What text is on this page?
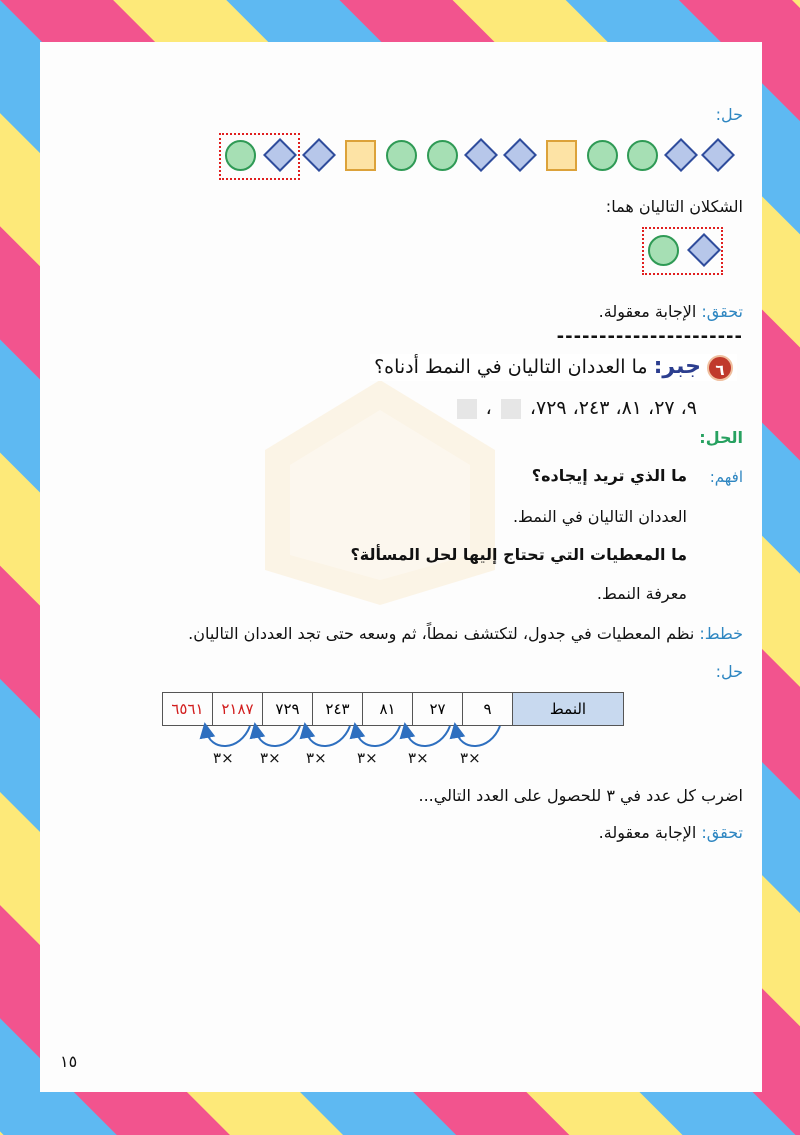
حل:
الشكلان التاليان هما:
تحقق: الإجابة معقولة.
----------------------
٦ جبر: ما العددان التاليان في النمط أدناه؟
٩، ٢٧، ٨١، ٢٤٣، ٧٢٩،  ،
الحل:
افهم:
ما الذي تريد إيجاده؟
العددان التاليان في النمط.
ما المعطيات التي تحتاج إليها لحل المسألة؟
معرفة النمط.
خطط: نظم المعطيات في جدول، لتكتشف نمطاً، ثم وسعه حتى تجد العددان التاليان.
حل:
النمط	٩	٢٧	٨١	٢٤٣	٧٢٩	٢١٨٧	٦٥٦١
×٣
×٣
×٣
×٣
×٣
×٣
اضرب كل عدد في ٣ للحصول على العدد التالي...
تحقق: الإجابة معقولة.
١٥
